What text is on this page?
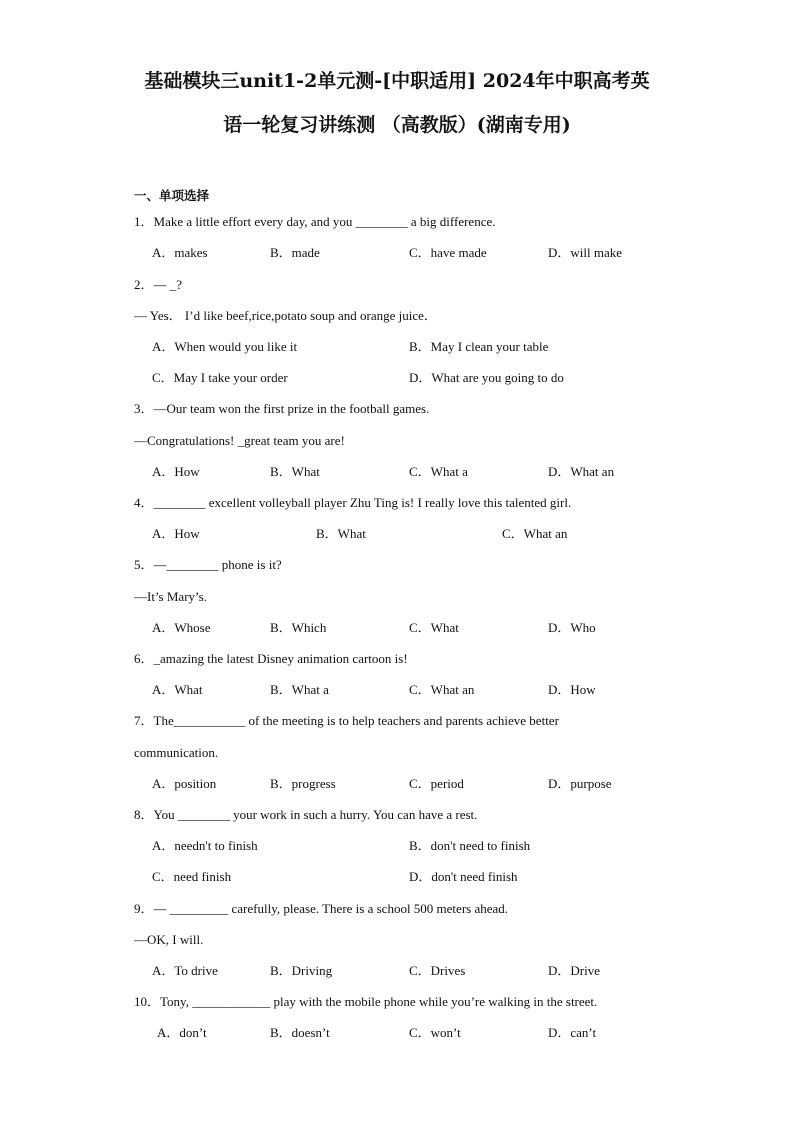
基础模块三unit1-2单元测-[中职适用] 2024年中职高考英
语一轮复习讲练测 （高教版）(湖南专用)
一、单项选择
1．Make a little effort every day, and you ________ a big difference.
A．makes	B．made	C．have made	D．will make
2．— _?
— Yes． I’d like beef,rice,potato soup and orange juice．
A．When would you like it	B．May I clean your table
C．May I take your order	D．What are you going to do
3．—Our team won the first prize in the football games.
—Congratulations! _great team you are!
A．How	B．What	C．What a	D．What an
4．________ excellent volleyball player Zhu Ting is! I really love this talented girl.
A．How	B．What	C．What an
5．—________ phone is it?
—It’s Mary’s.
A．Whose	B．Which	C．What	D．Who
6．_amazing the latest Disney animation cartoon is!
A．What	B．What a	C．What an	D．How
7．The___________ of the meeting is to help teachers and parents achieve better
communication.
A．position	B．progress	C．period	D．purpose
8．You ________ your work in such a hurry. You can have a rest.
A．needn't to finish	B．don't need to finish
C．need finish	D．don't need finish
9．— _________ carefully, please. There is a school 500 meters ahead.
—OK, I will.
A．To drive	B．Driving	C．Drives	D．Drive
10．Tony, ____________ play with the mobile phone while you’re walking in the street.
A．don’t	B．doesn’t	C．won’t	D．can’t
